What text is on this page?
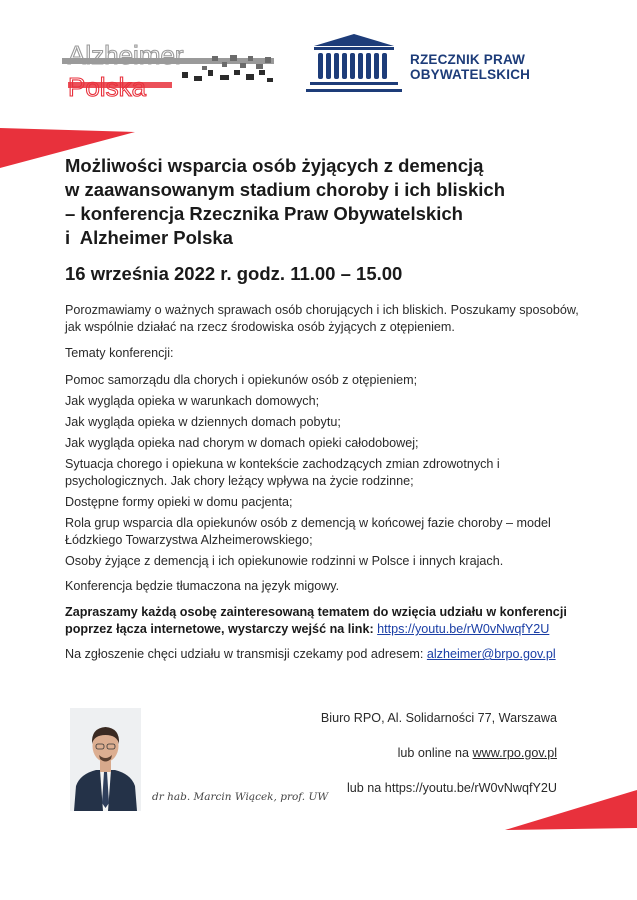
Alzheimer
Polska
RZECZNIK PRAW
OBYWATELSKICH
Możliwości wsparcia osób żyjących z demencją
w zaawansowanym stadium choroby i ich bliskich
– konferencja Rzecznika Praw Obywatelskich
i  Alzheimer Polska
16 września 2022 r. godz. 11.00 – 15.00

Porozmawiamy o ważnych sprawach osób chorujących i ich bliskich. Poszukamy sposobów, jak wspólnie działać na rzecz środowiska osób żyjących z otępieniem.

Tematy konferencji:

Pomoc samorządu dla chorych i opiekunów osób z otępieniem;
Jak wygląda opieka w warunkach domowych;
Jak wygląda opieka w dziennych domach pobytu;
Jak wygląda opieka nad chorym w domach opieki całodobowej;
Sytuacja chorego i opiekuna w kontekście zachodzących zmian zdrowotnych i psychologicznych. Jak chory leżący wpływa na życie rodzinne;
Dostępne formy opieki w domu pacjenta;
Rola grup wsparcia dla opiekunów osób z demencją w końcowej fazie choroby – model Łódzkiego Towarzystwa Alzheimerowskiego;
Osoby żyjące z demencją i ich opiekunowie rodzinni w Polsce i innych krajach.

Konferencja będzie tłumaczona na język migowy.

Zapraszamy każdą osobę zainteresowaną tematem do wzięcia udziału w konferencji poprzez łącza internetowe, wystarczy wejść na link: https://youtu.be/rW0vNwqfY2U

Na zgłoszenie chęci udziału w transmisji czekamy pod adresem: alzheimer@brpo.gov.pl

dr hab. Marcin Wiącek, prof. UW

Biuro RPO, Al. Solidarności 77, Warszawa

lub online na www.rpo.gov.pl

lub na https://youtu.be/rW0vNwqfY2U
